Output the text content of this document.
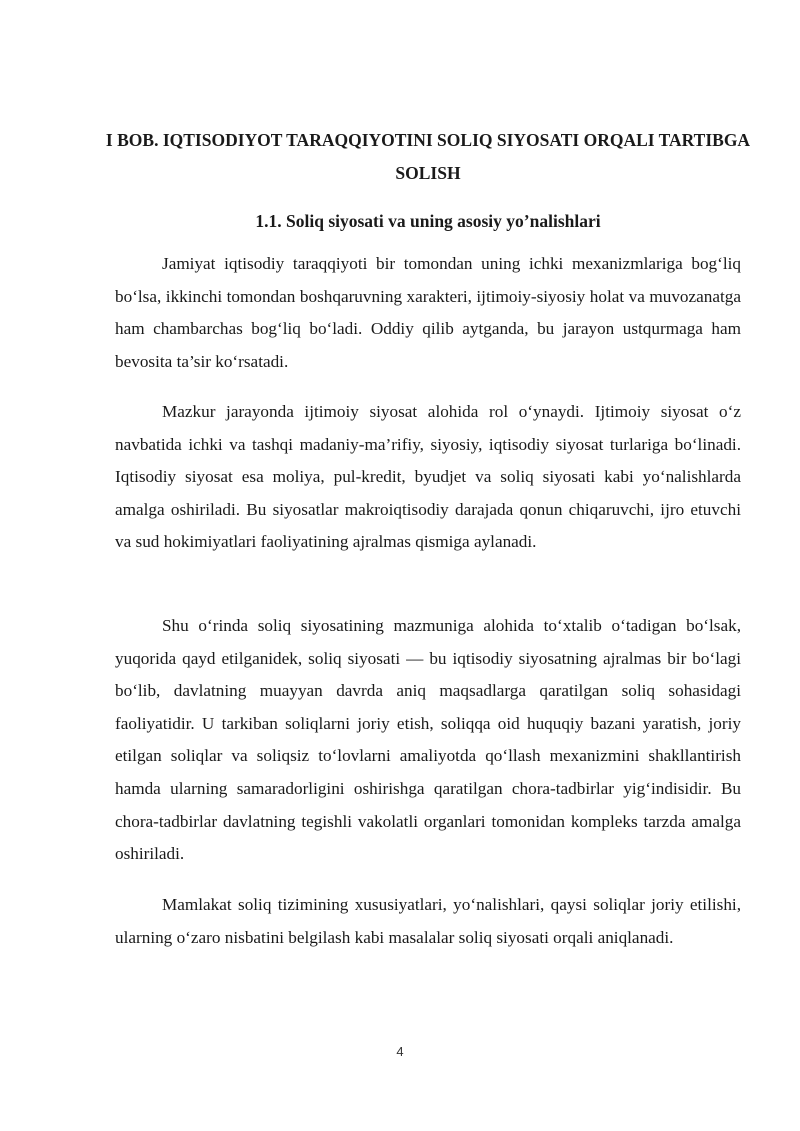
I BOB. IQTISODIYOT TARAQQIYOTINI SOLIQ SIYOSATI ORQALI TARTIBGA SOLISH
1.1. Soliq siyosati va uning asosiy yo’nalishlari

Jamiyat iqtisodiy taraqqiyoti bir tomondan uning ichki mexanizmlariga bog‘liq bo‘lsa, ikkinchi tomondan boshqaruvning xarakteri, ijtimoiy-siyosiy holat va muvozanatga ham chambarchas bog‘liq bo‘ladi. Oddiy qilib aytganda, bu jarayon ustqurmaga ham bevosita ta’sir ko‘rsatadi.

Mazkur jarayonda ijtimoiy siyosat alohida rol o‘ynaydi. Ijtimoiy siyosat o‘z navbatida ichki va tashqi madaniy-ma’rifiy, siyosiy, iqtisodiy siyosat turlariga bo‘linadi. Iqtisodiy siyosat esa moliya, pul-kredit, byudjet va soliq siyosati kabi yo‘nalishlarda amalga oshiriladi. Bu siyosatlar makroiqtisodiy darajada qonun chiqaruvchi, ijro etuvchi va sud hokimiyatlari faoliyatining ajralmas qismiga aylanadi.

Shu o‘rinda soliq siyosatining mazmuniga alohida to‘xtalib o‘tadigan bo‘lsak, yuqorida qayd etilganidek, soliq siyosati — bu iqtisodiy siyosatning ajralmas bir bo‘lagi bo‘lib, davlatning muayyan davrda aniq maqsadlarga qaratilgan soliq sohasidagi faoliyatidir. U tarkiban soliqlarni joriy etish, soliqqa oid huquqiy bazani yaratish, joriy etilgan soliqlar va soliqsiz to‘lovlarni amaliyotda qo‘llash mexanizmini shakllantirish hamda ularning samaradorligini oshirishga qaratilgan chora-tadbirlar yig‘indisidir. Bu chora-tadbirlar davlatning tegishli vakolatli organlari tomonidan kompleks tarzda amalga oshiriladi.

Mamlakat soliq tizimining xususiyatlari, yo‘nalishlari, qaysi soliqlar joriy etilishi, ularning o‘zaro nisbatini belgilash kabi masalalar soliq siyosati orqali aniqlanadi.

4
